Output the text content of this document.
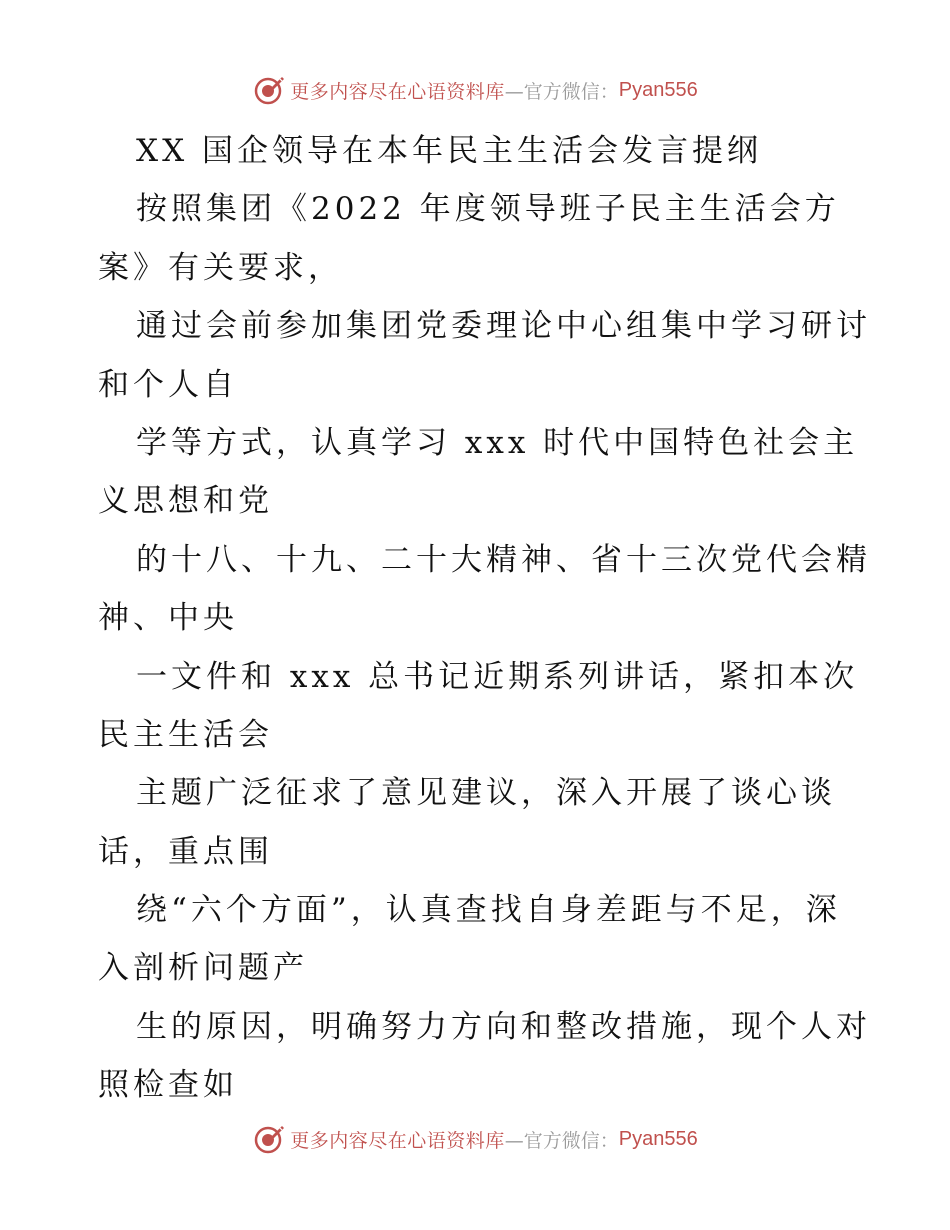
更多内容尽在心语资料库 —官方微信： Pyan556
XX 国企领导在本年民主生活会发言提纲
按照集团《2022 年度领导班子民主生活会方
案》有关要求，
通过会前参加集团党委理论中心组集中学习研讨
和个人自
学等方式，认真学习 xxx 时代中国特色社会主
义思想和党
的十八、十九、二十大精神、省十三次党代会精
神、中央
一文件和 xxx 总书记近期系列讲话，紧扣本次
民主生活会
主题广泛征求了意见建议，深入开展了谈心谈
话，重点围
绕“六个方面”，认真查找自身差距与不足，深
入剖析问题产
生的原因，明确努力方向和整改措施，现个人对
照检查如
更多内容尽在心语资料库 —官方微信： Pyan556
